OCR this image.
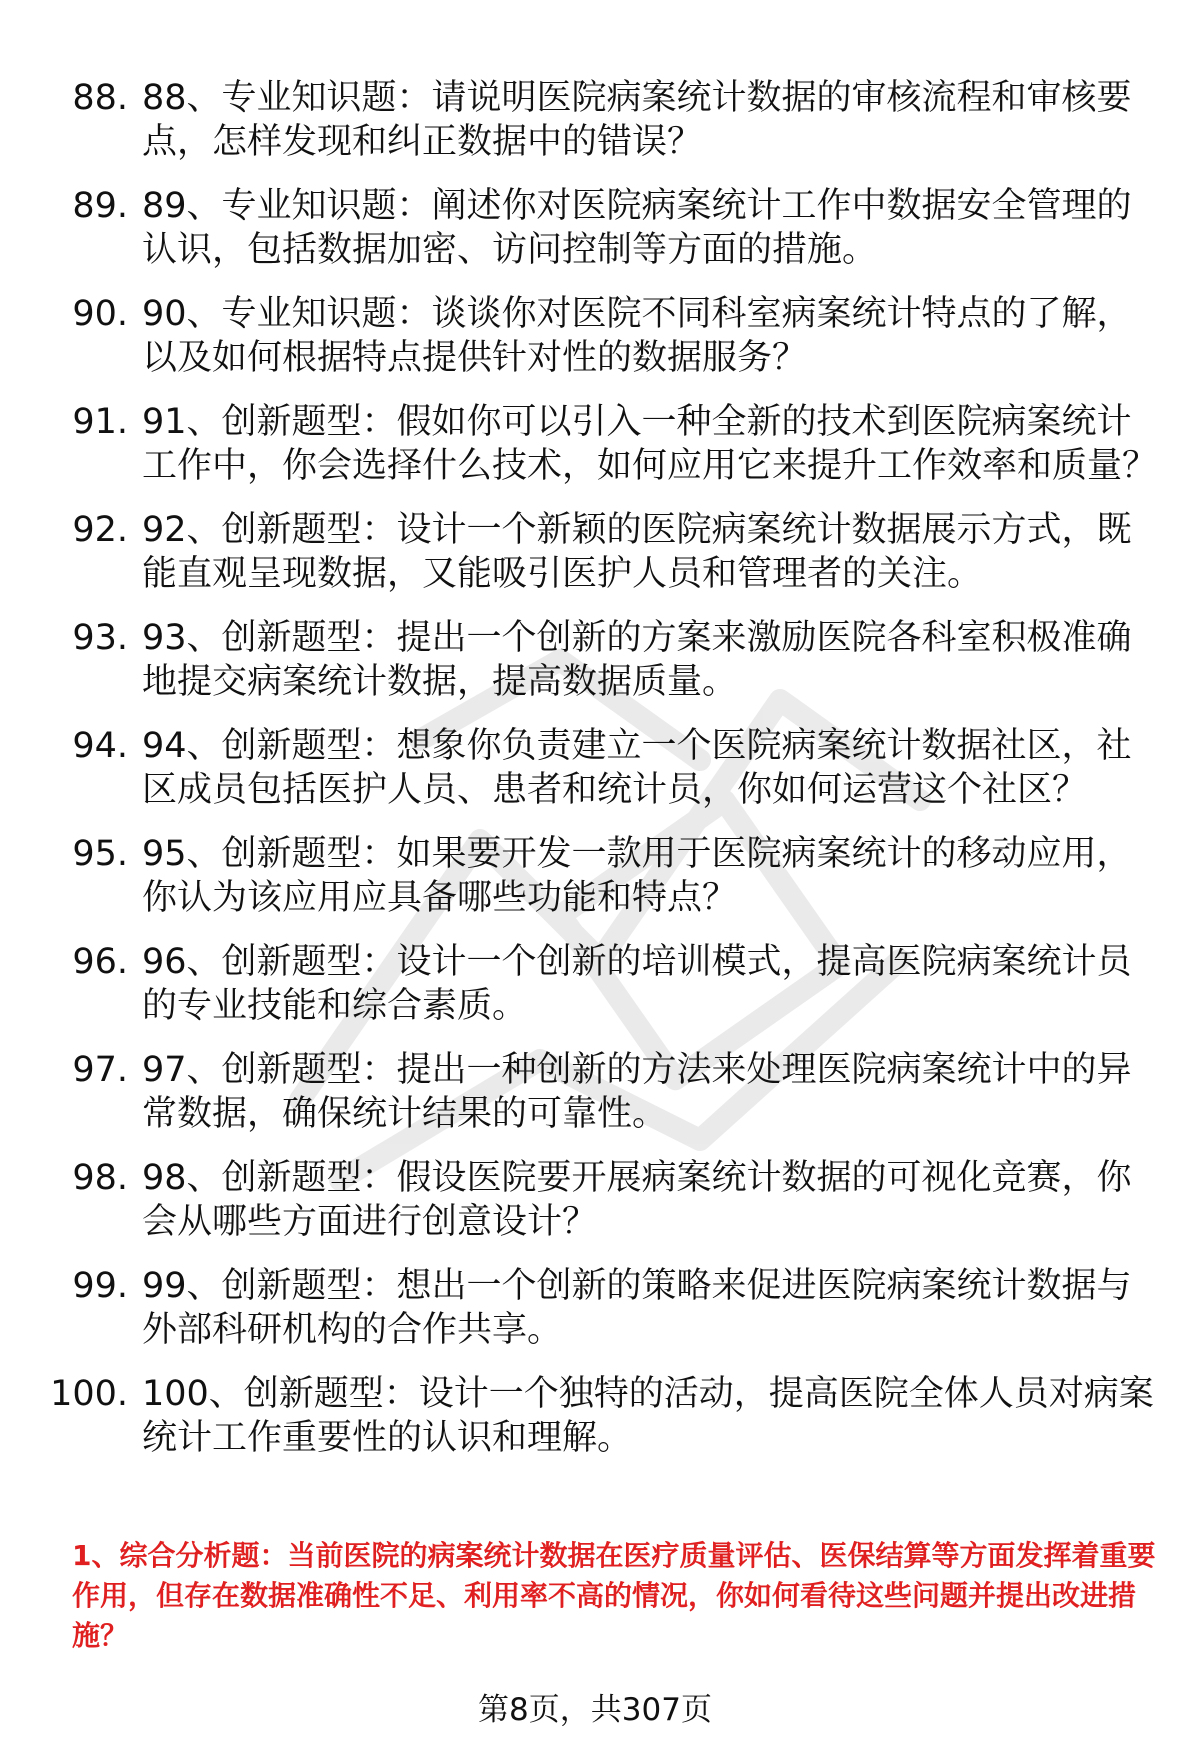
88. 88、专业知识题：请说明医院病案统计数据的审核流程和审核要点，怎样发现和纠正数据中的错误？
89. 89、专业知识题：阐述你对医院病案统计工作中数据安全管理的认识，包括数据加密、访问控制等方面的措施。
90. 90、专业知识题：谈谈你对医院不同科室病案统计特点的了解，以及如何根据特点提供针对性的数据服务？
91. 91、创新题型：假如你可以引入一种全新的技术到医院病案统计工作中，你会选择什么技术，如何应用它来提升工作效率和质量？
92. 92、创新题型：设计一个新颖的医院病案统计数据展示方式，既能直观呈现数据，又能吸引医护人员和管理者的关注。
93. 93、创新题型：提出一个创新的方案来激励医院各科室积极准确地提交病案统计数据，提高数据质量。
94. 94、创新题型：想象你负责建立一个医院病案统计数据社区，社区成员包括医护人员、患者和统计员，你如何运营这个社区？
95. 95、创新题型：如果要开发一款用于医院病案统计的移动应用，你认为该应用应具备哪些功能和特点？
96. 96、创新题型：设计一个创新的培训模式，提高医院病案统计员的专业技能和综合素质。
97. 97、创新题型：提出一种创新的方法来处理医院病案统计中的异常数据，确保统计结果的可靠性。
98. 98、创新题型：假设医院要开展病案统计数据的可视化竞赛，你会从哪些方面进行创意设计？
99. 99、创新题型：想出一个创新的策略来促进医院病案统计数据与外部科研机构的合作共享。
100. 100、创新题型：设计一个独特的活动，提高医院全体人员对病案统计工作重要性的认识和理解。
1、综合分析题：当前医院的病案统计数据在医疗质量评估、医保结算等方面发挥着重要作用，但存在数据准确性不足、利用率不高的情况，你如何看待这些问题并提出改进措施？
第8页，共307页
